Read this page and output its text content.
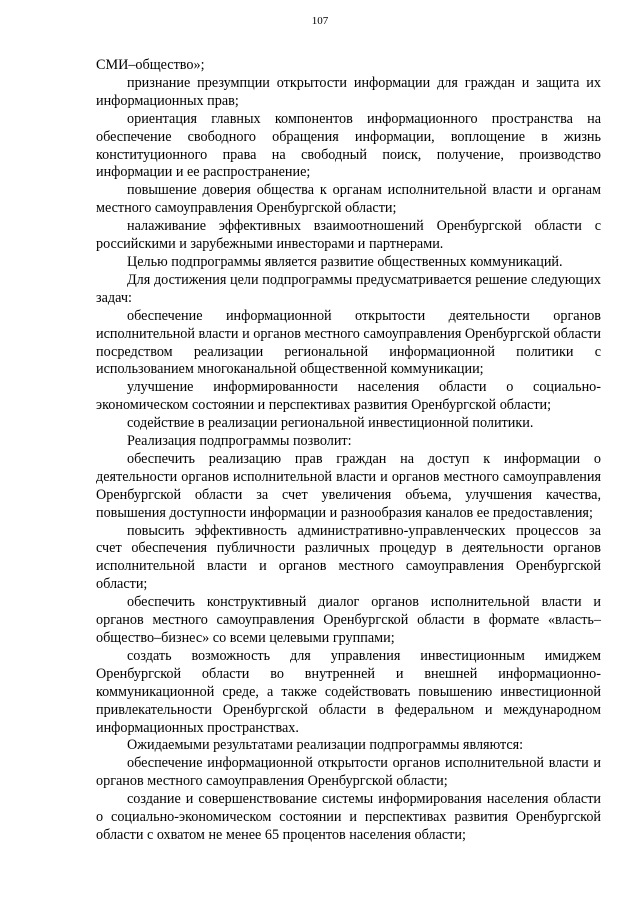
107

СМИ–общество»;

признание презумпции открытости информации для граждан и защита их информационных прав;

ориентация главных компонентов информационного пространства на обеспечение свободного обращения информации, воплощение в жизнь конституционного права на свободный поиск, получение, производство информации и ее распространение;

повышение доверия общества к органам исполнительной власти и органам местного самоуправления Оренбургской области;

налаживание эффективных взаимоотношений Оренбургской области с российскими и зарубежными инвесторами и партнерами.

Целью подпрограммы является развитие общественных коммуникаций.

Для достижения цели подпрограммы предусматривается решение следующих задач:

обеспечение информационной открытости деятельности органов исполнительной власти и органов местного самоуправления Оренбургской области посредством реализации региональной информационной политики с использованием многоканальной общественной коммуникации;

улучшение информированности населения области о социально-экономическом состоянии и перспективах развития Оренбургской области;

содействие в реализации региональной инвестиционной политики.

Реализация подпрограммы позволит:

обеспечить реализацию прав граждан на доступ к информации о деятельности органов исполнительной власти и органов местного самоуправления Оренбургской области за счет увеличения объема, улучшения качества, повышения доступности информации и разнообразия каналов ее предоставления;

повысить эффективность административно-управленческих процессов за счет обеспечения публичности различных процедур в деятельности органов исполнительной власти и органов местного самоуправления Оренбургской области;

обеспечить конструктивный диалог органов исполнительной власти и органов местного самоуправления Оренбургской области в формате «власть–общество–бизнес» со всеми целевыми группами;

создать возможность для управления инвестиционным имиджем Оренбургской области во внутренней и внешней информационно-коммуникационной среде, а также содействовать повышению инвестиционной привлекательности Оренбургской области в федеральном и международном информационных пространствах.

Ожидаемыми результатами реализации подпрограммы являются:

обеспечение информационной открытости органов исполнительной власти и органов местного самоуправления Оренбургской области;

создание и совершенствование системы информирования населения области о социально-экономическом состоянии и перспективах развития Оренбургской области с охватом не менее 65 процентов населения области;
